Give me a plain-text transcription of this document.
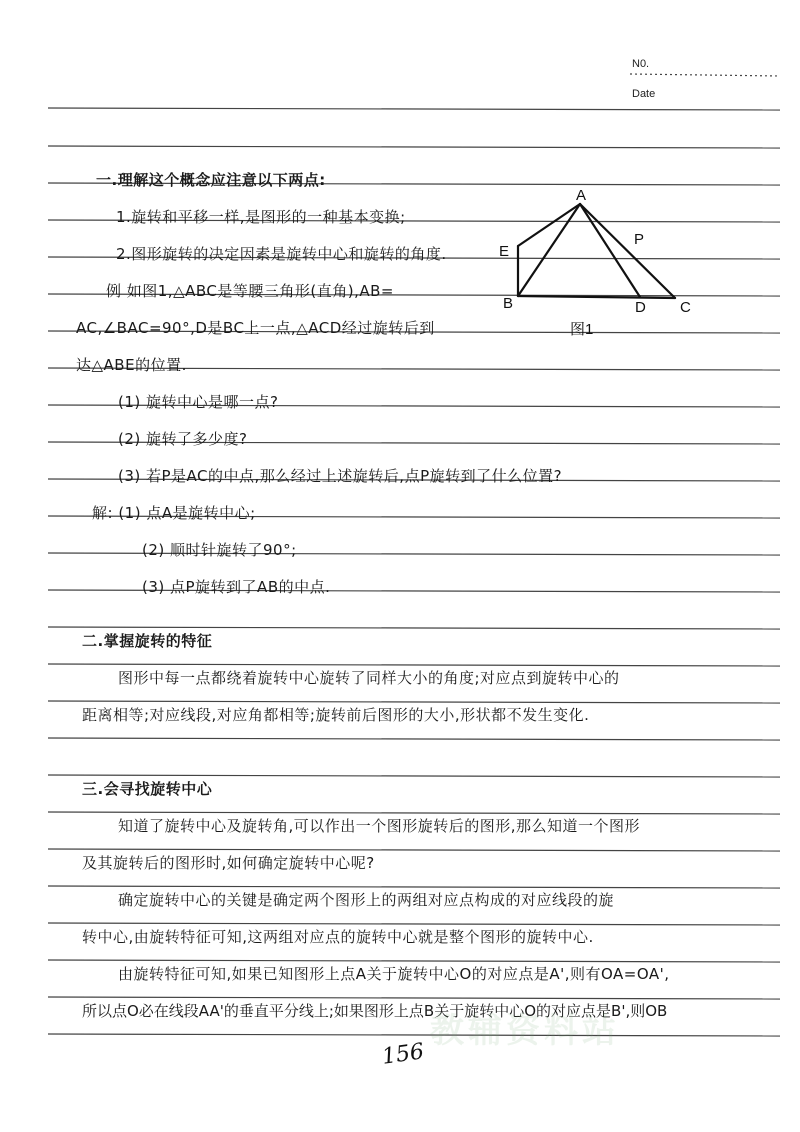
N0.
Date
一.理解这个概念应注意以下两点:
1.旋转和平移一样,是图形的一种基本变换;
2.图形旋转的决定因素是旋转中心和旋转的角度.
例 如图1,△ABC是等腰三角形(直角),AB=
AC,∠BAC=90°,D是BC上一点,△ACD经过旋转后到
达△ABE的位置.
(1) 旋转中心是哪一点?
(2) 旋转了多少度?
(3) 若P是AC的中点,那么经过上述旋转后,点P旋转到了什么位置?
解: (1) 点A是旋转中心;
(2) 顺时针旋转了90°;
(3) 点P旋转到了AB的中点.
A
E
P
B	D C
图1
二.掌握旋转的特征
图形中每一点都绕着旋转中心旋转了同样大小的角度;对应点到旋转中心的
距离相等;对应线段,对应角都相等;旋转前后图形的大小,形状都不发生变化.
三.会寻找旋转中心
知道了旋转中心及旋转角,可以作出一个图形旋转后的图形,那么知道一个图形
及其旋转后的图形时,如何确定旋转中心呢?
确定旋转中心的关键是确定两个图形上的两组对应点构成的对应线段的旋
转中心,由旋转特征可知,这两组对应点的旋转中心就是整个图形的旋转中心.
由旋转特征可知,如果已知图形上点A关于旋转中心O的对应点是A',则有OA=OA',
所以点O必在线段AA'的垂直平分线上;如果图形上点B关于旋转中心O的对应点是B',则OB
教辅资料站
156
